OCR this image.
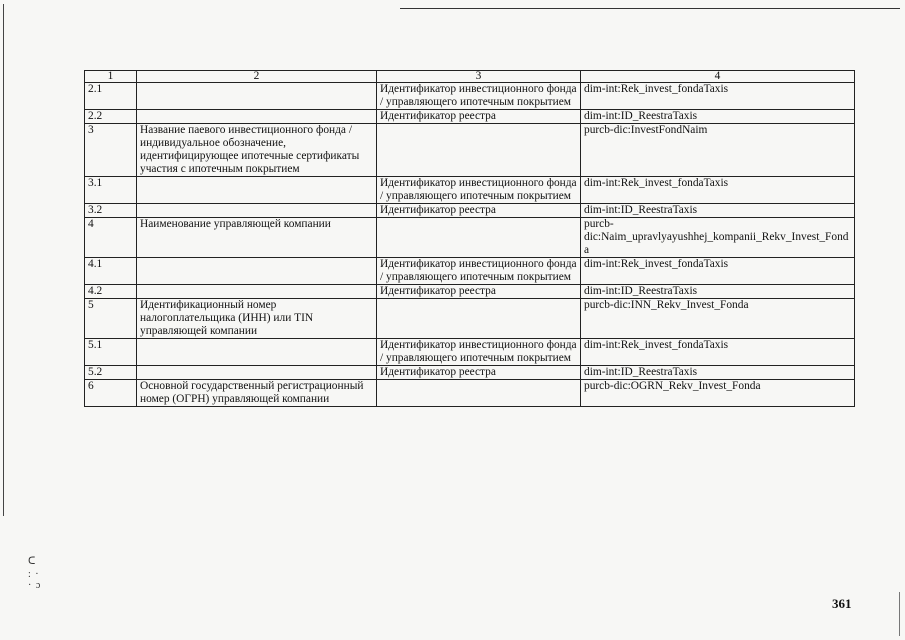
ᑕ
: ·
· ɔ
1	2	3	4
2.1		Идентификатор инвестиционного фонда / управляющего ипотечным покрытием	dim-int:Rek_invest_fondaTaxis
2.2		Идентификатор реестра	dim-int:ID_ReestraTaxis
3	Название паевого инвестиционного фонда / индивидуальное обозначение, идентифицирующее ипотечные сертификаты участия с ипотечным покрытием		purcb-dic:InvestFondNaim
3.1		Идентификатор инвестиционного фонда / управляющего ипотечным покрытием	dim-int:Rek_invest_fondaTaxis
3.2		Идентификатор реестра	dim-int:ID_ReestraTaxis
4	Наименование управляющей компании		purcb-dic:Naim_upravlyayushhej_kompanii_Rekv_Invest_Fonda
4.1		Идентификатор инвестиционного фонда / управляющего ипотечным покрытием	dim-int:Rek_invest_fondaTaxis
4.2		Идентификатор реестра	dim-int:ID_ReestraTaxis
5	Идентификационный номер налогоплательщика (ИНН) или TIN управляющей компании		purcb-dic:INN_Rekv_Invest_Fonda
5.1		Идентификатор инвестиционного фонда / управляющего ипотечным покрытием	dim-int:Rek_invest_fondaTaxis
5.2		Идентификатор реестра	dim-int:ID_ReestraTaxis
6	Основной государственный регистрационный номер (ОГРН) управляющей компании		purcb-dic:OGRN_Rekv_Invest_Fonda
361
